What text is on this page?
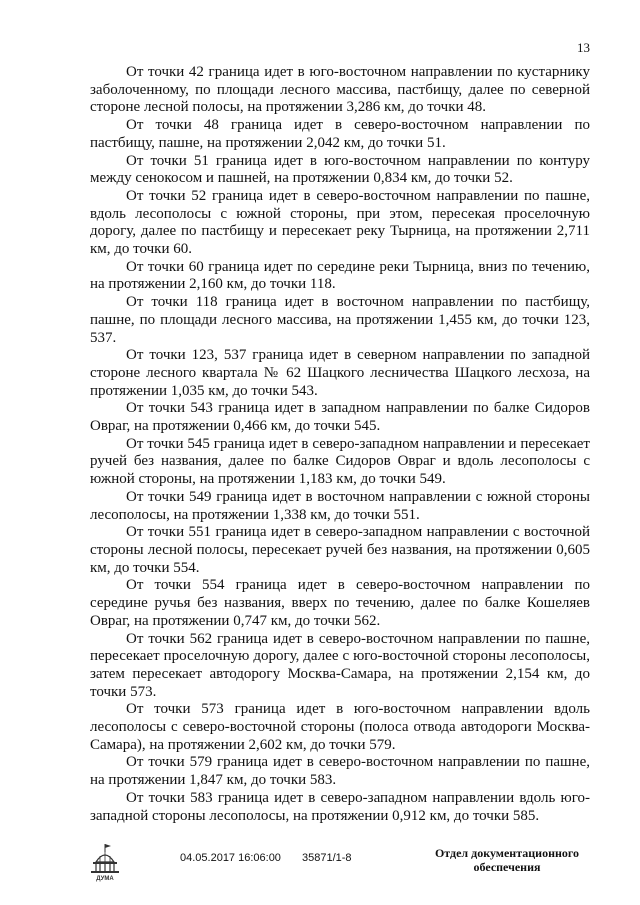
13

От точки 42 граница идет в юго-восточном направлении по кустарнику заболоченному, по площади лесного массива, пастбищу, далее по северной стороне лесной полосы, на протяжении 3,286 км, до точки 48.

От точки 48 граница идет в северо-восточном направлении по пастбищу, пашне, на протяжении 2,042 км, до точки 51.

От точки 51 граница идет в юго-восточном направлении по контуру между сенокосом и пашней, на протяжении 0,834 км, до точки 52.

От точки 52 граница идет в северо-восточном направлении по пашне, вдоль лесополосы с южной стороны, при этом, пересекая проселочную дорогу, далее по пастбищу и пересекает реку Тырница, на протяжении 2,711 км, до точки 60.

От точки 60 граница идет по середине реки Тырница, вниз по течению, на протяжении 2,160 км, до точки 118.

От точки 118 граница идет в восточном направлении по пастбищу, пашне, по площади лесного массива, на протяжении 1,455 км, до точки 123, 537.

От точки 123, 537 граница идет в северном направлении по западной стороне лесного квартала № 62 Шацкого лесничества Шацкого лесхоза, на протяжении 1,035 км, до точки 543.

От точки 543 граница идет в западном направлении по балке Сидоров Овраг, на протяжении 0,466 км, до точки 545.

От точки 545 граница идет в северо-западном направлении и пересекает ручей без названия, далее по балке Сидоров Овраг и вдоль лесополосы с южной стороны, на протяжении 1,183 км, до точки 549.

От точки 549 граница идет в восточном направлении с южной стороны лесополосы, на протяжении 1,338 км, до точки 551.

От точки 551 граница идет в северо-западном направлении с восточной стороны лесной полосы, пересекает ручей без названия, на протяжении 0,605 км, до точки 554.

От точки 554 граница идет в северо-восточном направлении по середине ручья без названия, вверх по течению, далее по балке Кошеляев Овраг, на протяжении 0,747 км, до точки 562.

От точки 562 граница идет в северо-восточном направлении по пашне, пересекает проселочную дорогу, далее с юго-восточной стороны лесополосы, затем пересекает автодорогу Москва-Самара, на протяжении 2,154 км, до точки 573.

От точки 573 граница идет в юго-восточном направлении вдоль лесополосы с северо-восточной стороны (полоса отвода автодороги Москва-Самара), на протяжении 2,602 км, до точки 579.

От точки 579 граница идет в северо-восточном направлении по пашне, на протяжении 1,847 км, до точки 583.

От точки 583 граница идет в северо-западном направлении вдоль юго-западной стороны лесополосы, на протяжении 0,912 км, до точки 585.

ДУМА
04.05.2017 16:06:00 35871/1-8	Отдел документационного
обеспечения
